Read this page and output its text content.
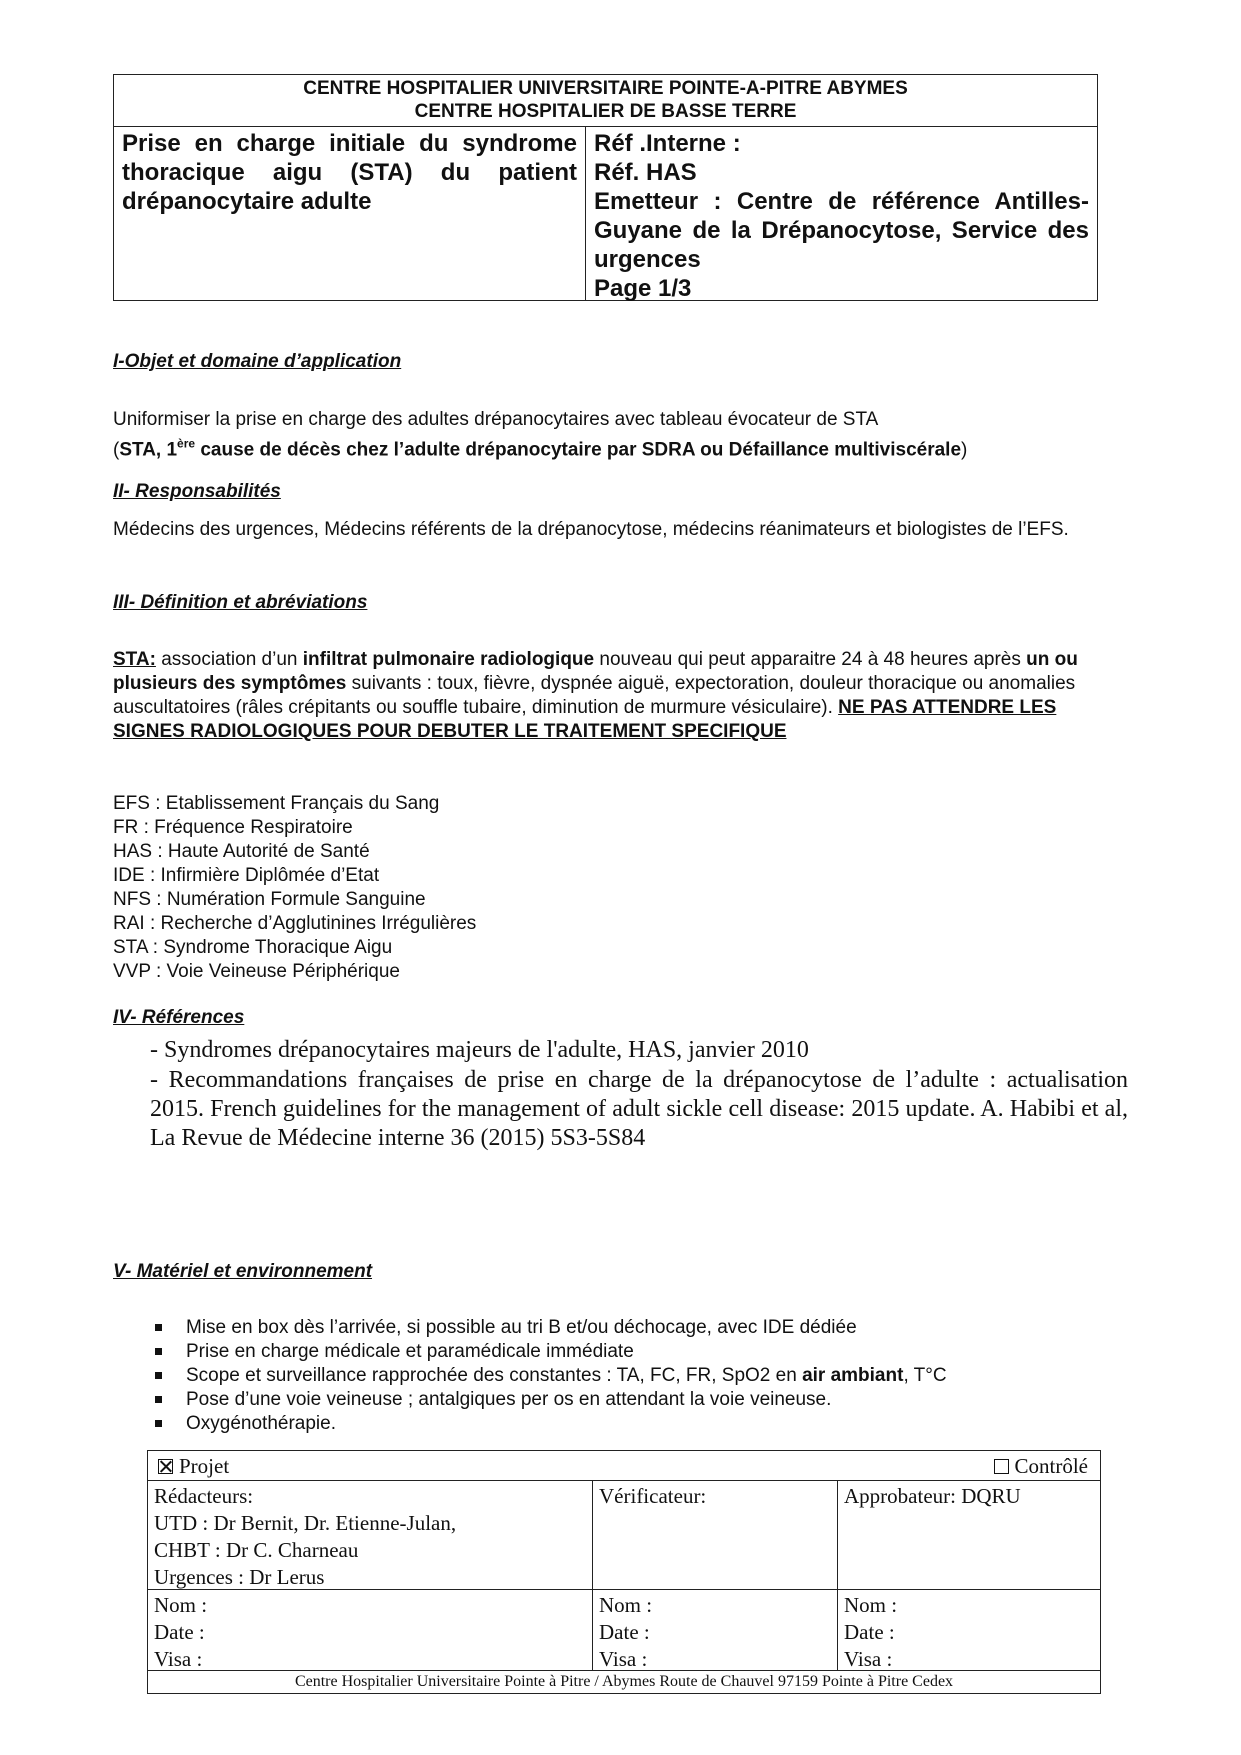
CENTRE HOSPITALIER UNIVERSITAIRE POINTE-A-PITRE ABYMES
CENTRE HOSPITALIER DE BASSE TERRE
Prise en charge initiale du syndrome thoracique aigu (STA) du patient drépanocytaire adulte
Réf .Interne :
Réf. HAS
Emetteur : Centre de référence Antilles-Guyane de la Drépanocytose, Service des urgences
Page 1/3
I-Objet et domaine d’application
Uniformiser la prise en charge des adultes drépanocytaires avec tableau évocateur de STA
(STA, 1ère cause de décès chez l’adulte drépanocytaire par SDRA ou Défaillance multiviscérale)
II- Responsabilités
Médecins des urgences, Médecins référents de la drépanocytose, médecins réanimateurs et biologistes de l’EFS.
III- Définition et abréviations
STA: association d’un infiltrat pulmonaire radiologique nouveau qui peut apparaitre 24 à 48 heures après un ou plusieurs des symptômes suivants : toux, fièvre, dyspnée aiguë, expectoration, douleur thoracique ou anomalies auscultatoires (râles crépitants ou souffle tubaire, diminution de murmure vésiculaire). NE PAS ATTENDRE LES SIGNES RADIOLOGIQUES POUR DEBUTER LE TRAITEMENT SPECIFIQUE
EFS : Etablissement Français du Sang
FR : Fréquence Respiratoire
HAS : Haute Autorité de Santé
IDE : Infirmière Diplômée d’Etat
NFS : Numération Formule Sanguine
RAI : Recherche d’Agglutinines Irrégulières
STA : Syndrome Thoracique Aigu
VVP : Voie Veineuse Périphérique
IV- Références
- Syndromes drépanocytaires majeurs de l'adulte, HAS, janvier 2010
- Recommandations françaises de prise en charge de la drépanocytose de l’adulte : actualisation 2015. French guidelines for the management of adult sickle cell disease: 2015 update. A. Habibi et al, La Revue de Médecine interne 36 (2015) 5S3-5S84
V- Matériel et environnement
Mise en box dès l’arrivée, si possible au tri B et/ou déchocage, avec IDE dédiée
Prise en charge médicale et paramédicale immédiate
Scope et surveillance rapprochée des constantes : TA, FC, FR, SpO2 en air ambiant, T°C
Pose d’une voie veineuse ; antalgiques per os en attendant la voie veineuse.
Oxygénothérapie.
Projet	Contrôlé
Rédacteurs:
UTD : Dr Bernit, Dr. Etienne-Julan,
CHBT : Dr C. Charneau
Urgences : Dr Lerus
Vérificateur:	Approbateur: DQRU
Nom :
Date :
Visa :
Nom :
Date :
Visa :
Nom :
Date :
Visa :
Centre Hospitalier Universitaire Pointe à Pitre / Abymes Route de Chauvel 97159 Pointe à Pitre Cedex
